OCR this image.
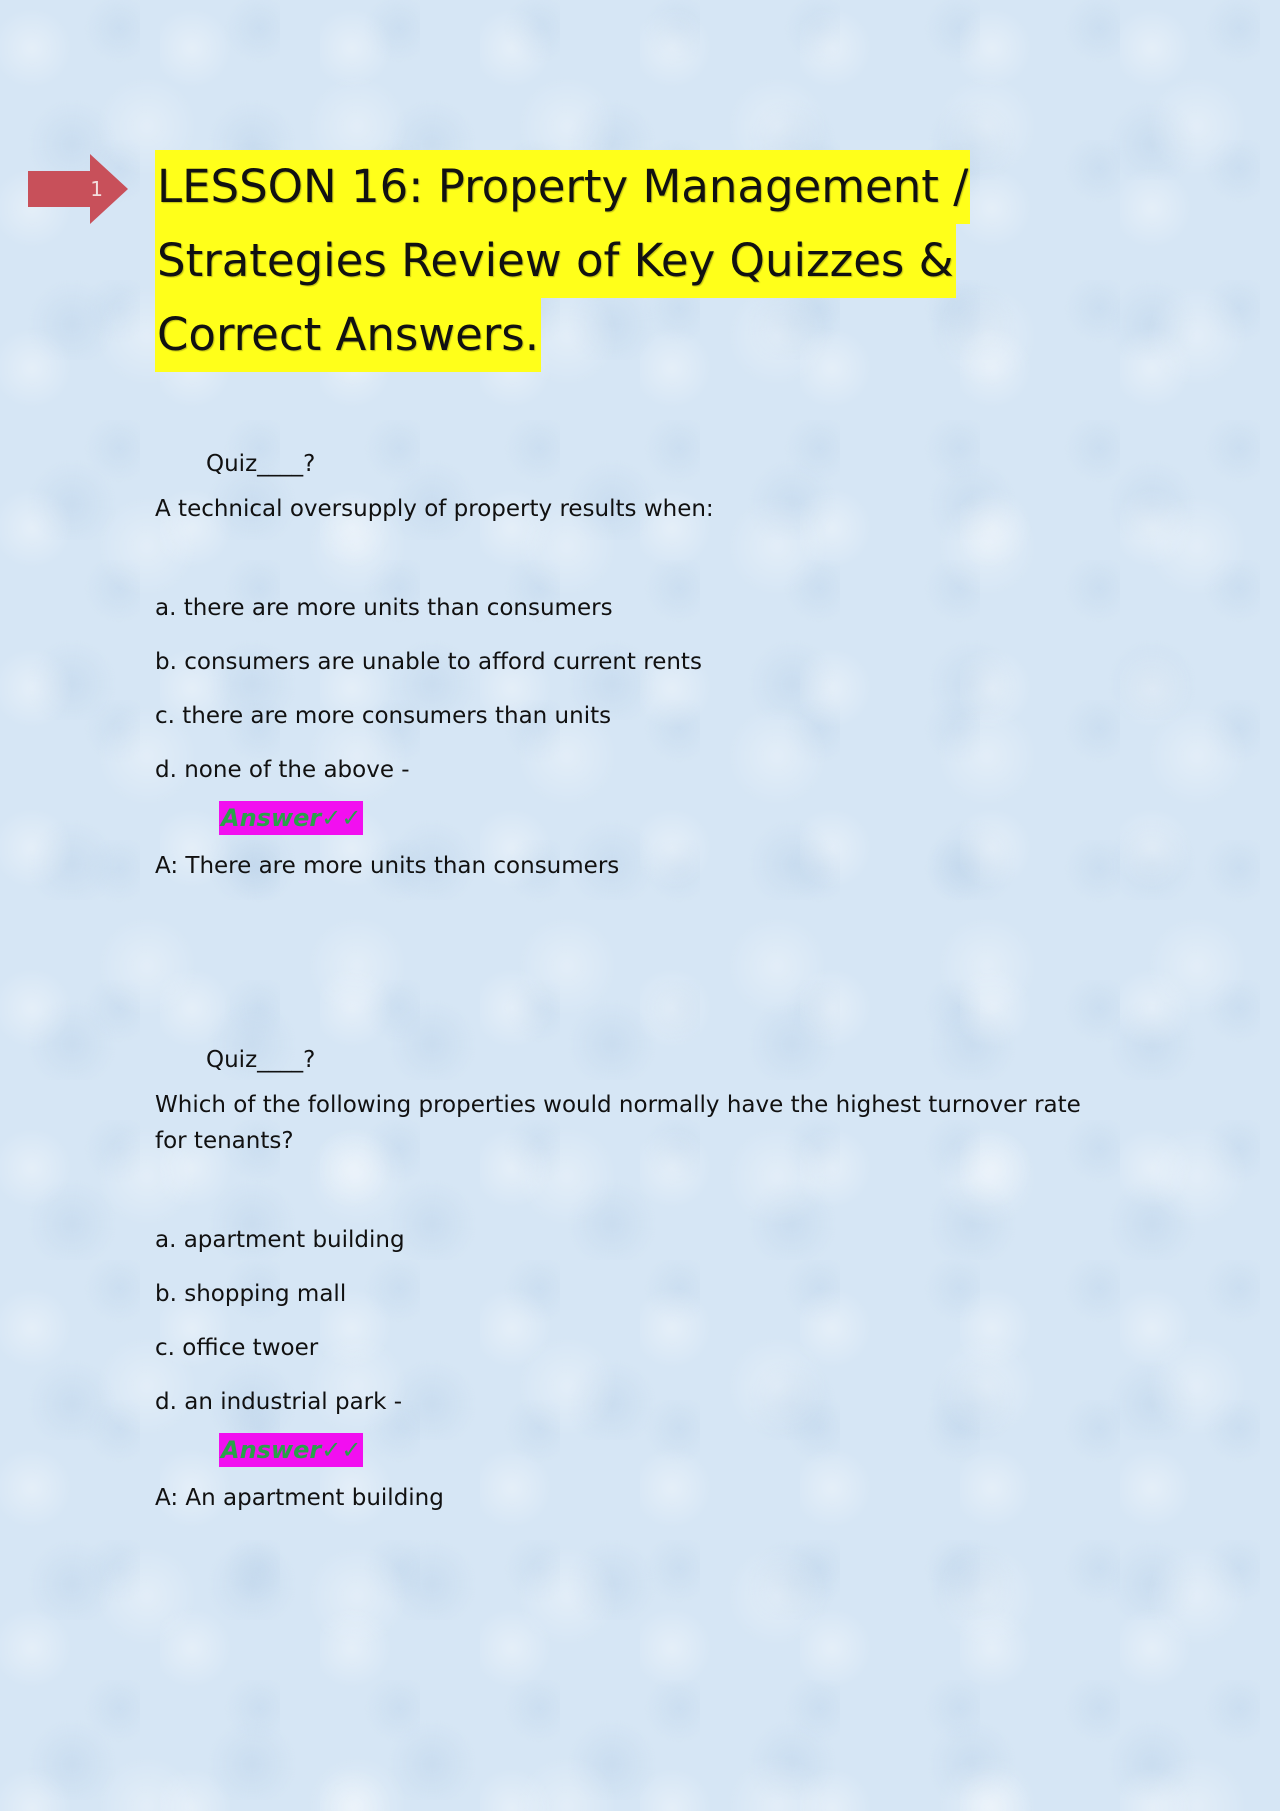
1 LESSON 16: Property Management /
Strategies Review of Key Quizzes &
Correct Answers.
Quiz____?
A technical oversupply of property results when:
a. there are more units than consumers
b. consumers are unable to afford current rents
c. there are more consumers than units
d. none of the above -
Answer✓✓
A: There are more units than consumers
Quiz____?
Which of the following properties would normally have the highest turnover rate for tenants?
a. apartment building
b. shopping mall
c. office twoer
d. an industrial park -
Answer✓✓
A: An apartment building
